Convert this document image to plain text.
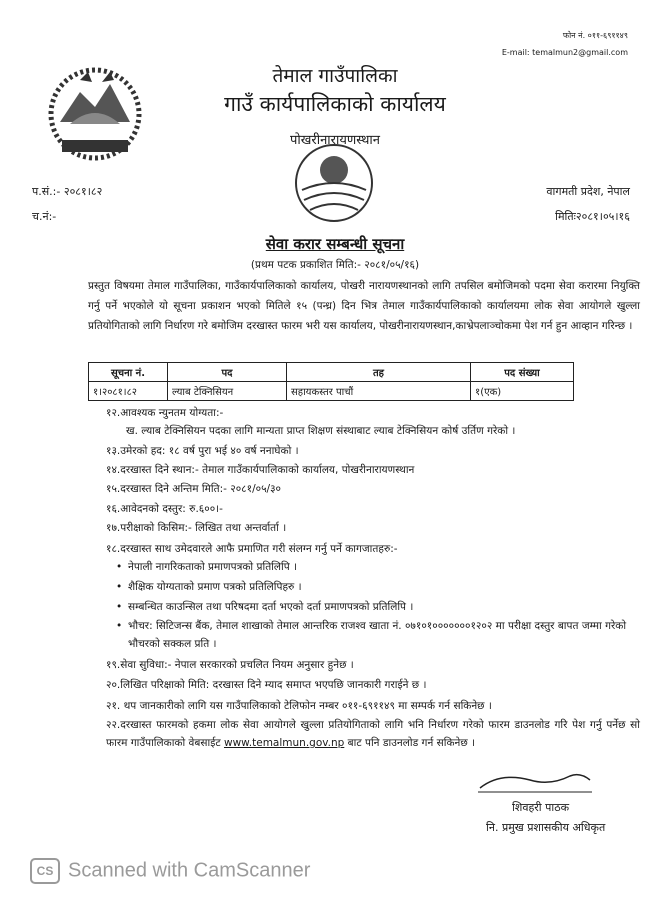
फोन नं. ०११-६९११४९
E-mail: temalmun2@gmail.com
तेमाल गाउँपालिका
गाउँ कार्यपालिकाको कार्यालय
पोखरीनारायणस्थान
प.सं.:- २०८१।८२
च.नं:-
वागमती प्रदेश, नेपाल
मितिः२०८१।०५।१६
सेवा करार सम्बन्धी सूचना
(प्रथम पटक प्रकाशित मिति:- २०८१/०५/१६)
प्रस्तुत विषयमा तेमाल गाउँपालिका, गाउँकार्यपालिकाको कार्यालय, पोखरी नारायणस्थानको लागि तपसिल बमोजिमको पदमा सेवा करारमा नियुक्ति गर्नु पर्ने भएकोले यो सूचना प्रकाशन भएको मितिले १५ (पन्ध्र) दिन भित्र तेमाल गाउँकार्यपालिकाको कार्यालयमा लोक सेवा आयोगले खुल्ला प्रतियोगिताको लागि निर्धारण गरे बमोजिम दरखास्त फारम भरी यस कार्यालय, पोखरीनारायणस्थान,काभ्रेपलाञ्चोकमा पेश गर्न हुन आव्हान गरिन्छ ।
सूचना नं.	पद	तह	पद संख्या
१।२०८१।८२	ल्याब टेक्निसियन	सहायकस्तर पाचौं	१(एक)
१२.आवश्यक न्युनतम योग्यता:-
ख. ल्याब टेक्निसियन पदका लागि मान्यता प्राप्त शिक्षण संस्थाबाट ल्याब टेक्निसियन कोर्ष उर्तिण गरेको ।
१३.उमेरको हद: १८ वर्ष पुरा भई ४० वर्ष ननाघेको ।
१४.दरखास्त दिने स्थान:- तेमाल गाउँकार्यपालिकाको कार्यालय, पोखरीनारायणस्थान
१५.दरखास्त दिने अन्तिम मिति:- २०८१/०५/३०
१६.आवेदनको दस्तुर: रु.६००।-
१७.परीक्षाको किसिम:- लिखित तथा अन्तर्वार्ता ।
१८.दरखास्त साथ उमेदवारले आफै प्रमाणित गरी संलग्न गर्नु पर्ने कागजातहरु:-
• नेपाली नागरिकताको प्रमाणपत्रको प्रतिलिपि ।
• शैक्षिक योग्यताको प्रमाण पत्रको प्रतिलिपिहरु ।
• सम्बन्धित काउन्सिल तथा परिषदमा दर्ता भएको दर्ता प्रमाणपत्रको प्रतिलिपि ।
• भौचर: सिटिजन्स बैंक, तेमाल शाखाको तेमाल आन्तरिक राजश्व खाता नं. ०७१०१०००००००१२०२ मा परीक्षा दस्तुर बापत जम्मा गरेको भौचरको सक्कल प्रति ।
१९.सेवा सुविधा:- नेपाल सरकारको प्रचलित नियम अनुसार हुनेछ ।
२०.लिखित परिक्षाको मिति: दरखास्त दिने म्याद समाप्त भएपछि जानकारी गराईने छ ।
२१. थप जानकारीको लागि यस गाउँपालिकाको टेलिफोन नम्बर ०११-६९११४९ मा सम्पर्क गर्न सकिनेछ ।
२२.दरखास्त फारमको हकमा लोक सेवा आयोगले खुल्ला प्रतियोगिताको लागि भनि निर्धारण गरेको फारम डाउनलोड गरि पेश गर्नु पर्नेछ सो फारम गाउँपालिकाको वेबसाईट www.temalmun.gov.np बाट पनि डाउनलोड गर्न सकिनेछ ।
शिवहरी पाठक
नि. प्रमुख प्रशासकीय अधिकृत
CS Scanned with CamScanner
